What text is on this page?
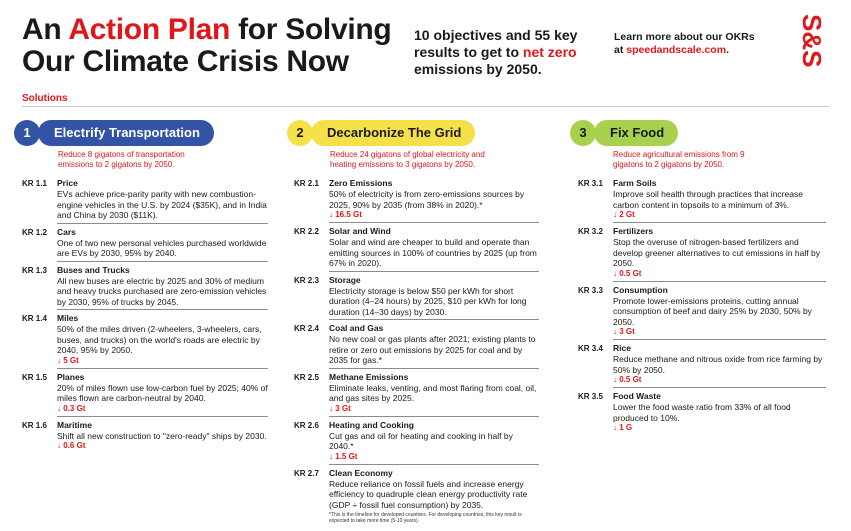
An Action Plan for Solving
Our Climate Crisis Now
10 objectives and 55 key results to get to net zero emissions by 2050.
Learn more about our OKRs at speedandscale.com.	S&S
Solutions
1	Electrify Transportation
Reduce 8 gigatons of transportation emissions to 2 gigatons by 2050.
KR 1.1	Price
EVs achieve price-parity parity with new combustion-engine vehicles in the U.S. by 2024 ($35K), and in India and China by 2030 ($11K).
KR 1.2	Cars
One of two new personal vehicles purchased worldwide are EVs by 2030, 95% by 2040.
KR 1.3	Buses and Trucks
All new buses are electric by 2025 and 30% of medium and heavy trucks purchased are zero-emission vehicles by 2030, 95% of trucks by 2045.
KR 1.4	Miles
50% of the miles driven (2-wheelers, 3-wheelers, cars, buses, and trucks) on the world's roads are electric by 2040, 95% by 2050.
↓ 5 Gt
KR 1.5	Planes
20% of miles flown use low-carbon fuel by 2025; 40% of miles flown are carbon-neutral by 2040.
↓ 0.3 Gt
KR 1.6	Maritime
Shift all new construction to "zero-ready" ships by 2030.
↓ 0.6 Gt
2	Decarbonize The Grid
Reduce 24 gigatons of global electricity and heating emissions to 3 gigatons by 2050.
KR 2.1	Zero Emissions
50% of electricity is from zero-emissions sources by 2025, 90% by 2035 (from 38% in 2020).*
↓ 16.5 Gt
KR 2.2	Solar and Wind
Solar and wind are cheaper to build and operate than emitting sources in 100% of countries by 2025 (up from 67% in 2020).
KR 2.3	Storage
Electricity storage is below $50 per kWh for short duration (4–24 hours) by 2025, $10 per kWh for long duration (14–30 days) by 2030.
KR 2.4	Coal and Gas
No new coal or gas plants after 2021; existing plants to retire or zero out emissions by 2025 for coal and by 2035 for gas.*
KR 2.5	Methane Emissions
Eliminate leaks, venting, and most flaring from coal, oil, and gas sites by 2025.
↓ 3 Gt
KR 2.6	Heating and Cooking
Cut gas and oil for heating and cooking in half by 2040.*
↓ 1.5 Gt
KR 2.7	Clean Economy
Reduce reliance on fossil fuels and increase energy efficiency to quadruple clean energy productivity rate (GDP ÷ fossil fuel consumption) by 2035.
*This is the timeline for developed countries. For developing countries, this key result is expected to take more time (5-10 years).
3	Fix Food
Reduce agricultural emissions from 9 gigatons to 2 gigatons by 2050.
KR 3.1	Farm Soils
Improve soil health through practices that increase carbon content in topsoils to a minimum of 3%.
↓ 2 Gt
KR 3.2	Fertilizers
Stop the overuse of nitrogen-based fertilizers and develop greener alternatives to cut emissions in half by 2050.
↓ 0.5 Gt
KR 3.3	Consumption
Promote lower-emissions proteins, cutting annual consumption of beef and dairy 25% by 2030, 50% by 2050.
↓ 3 Gt
KR 3.4	Rice
Reduce methane and nitrous oxide from rice farming by 50% by 2050.
↓ 0.5 Gt
KR 3.5	Food Waste
Lower the food waste ratio from 33% of all food produced to 10%.
↓ 1 G
